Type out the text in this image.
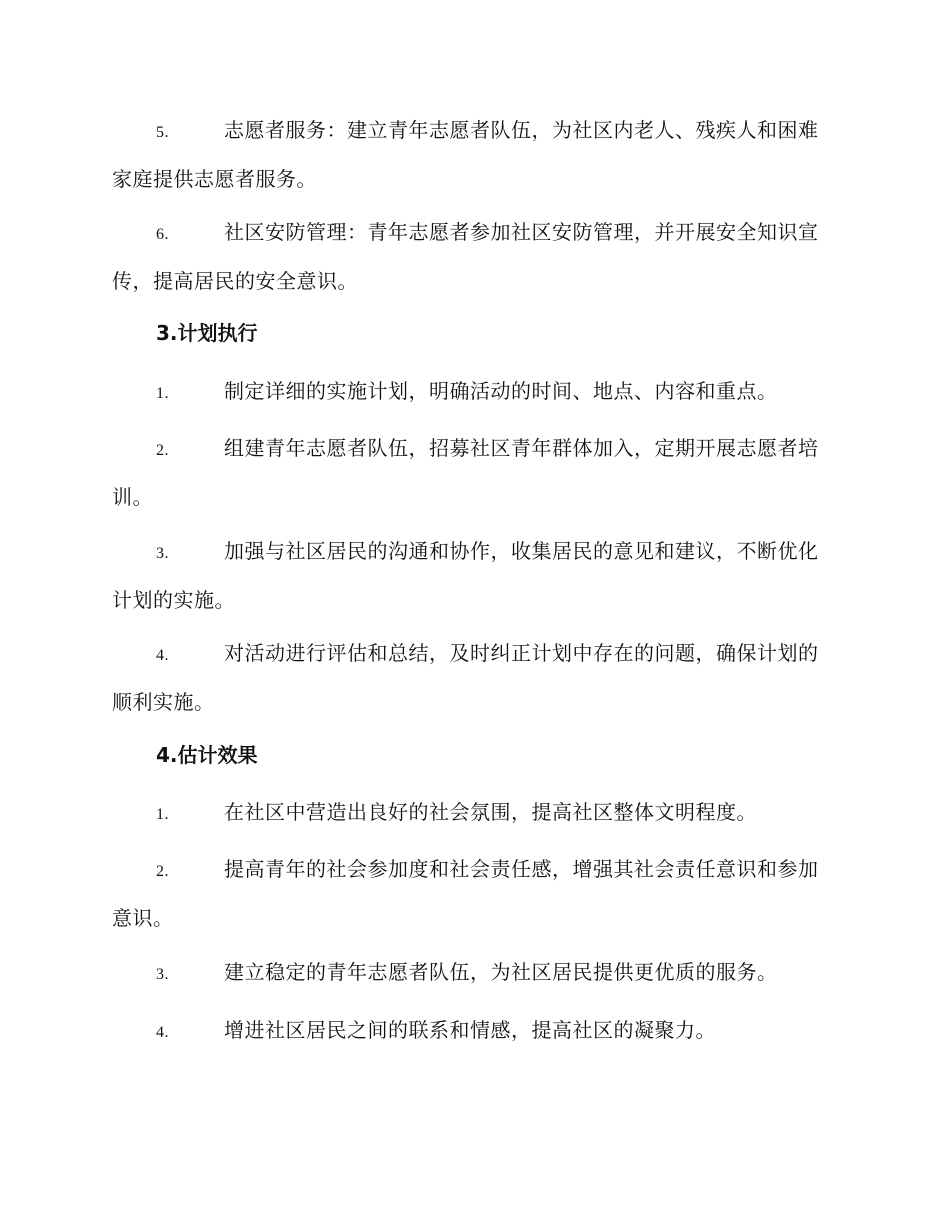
5.	志愿者服务：建立青年志愿者队伍，为社区内老人、残疾人和困难家庭提供志愿者服务。

6.	社区安防管理：青年志愿者参加社区安防管理，并开展安全知识宣传，提高居民的安全意识。

3.计划执行

1.	制定详细的实施计划，明确活动的时间、地点、内容和重点。

2.	组建青年志愿者队伍，招募社区青年群体加入，定期开展志愿者培训。

3.	加强与社区居民的沟通和协作，收集居民的意见和建议，不断优化计划的实施。

4.	对活动进行评估和总结，及时纠正计划中存在的问题，确保计划的顺利实施。

4.估计效果

1.	在社区中营造出良好的社会氛围，提高社区整体文明程度。

2.	提高青年的社会参加度和社会责任感，增强其社会责任意识和参加意识。

3.	建立稳定的青年志愿者队伍，为社区居民提供更优质的服务。

4.	增进社区居民之间的联系和情感，提高社区的凝聚力。
